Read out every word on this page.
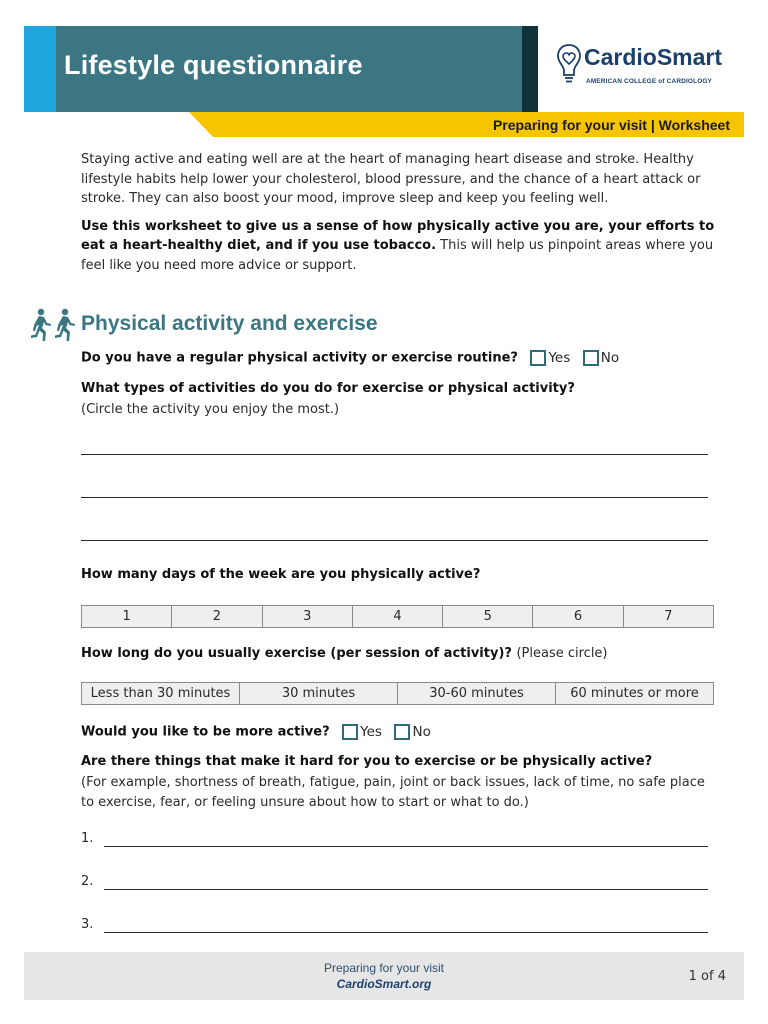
Lifestyle questionnaire	CardioSmart
AMERICAN COLLEGE of CARDIOLOGY
Preparing for your visit | Worksheet

Staying active and eating well are at the heart of managing heart disease and stroke. Healthy lifestyle habits help lower your cholesterol, blood pressure, and the chance of a heart attack or stroke. They can also boost your mood, improve sleep and keep you feeling well.

Use this worksheet to give us a sense of how physically active you are, your efforts to eat a heart-healthy diet, and if you use tobacco. This will help us pinpoint areas where you feel like you need more advice or support.

Physical activity and exercise
Do you have a regular physical activity or exercise routine? Yes No
What types of activities do you do for exercise or physical activity?
(Circle the activity you enjoy the most.)
How many days of the week are you physically active?
1	2	3	4	5	6	7
How long do you usually exercise (per session of activity)? (Please circle)
Less than 30 minutes	30 minutes	30-60 minutes	60 minutes or more
Would you like to be more active? Yes No
Are there things that make it hard for you to exercise or be physically active?
(For example, shortness of breath, fatigue, pain, joint or back issues, lack of time, no safe place to exercise, fear, or feeling unsure about how to start or what to do.)
1.
2.
3.
Preparing for your visit
CardioSmart.org	1 of 4
